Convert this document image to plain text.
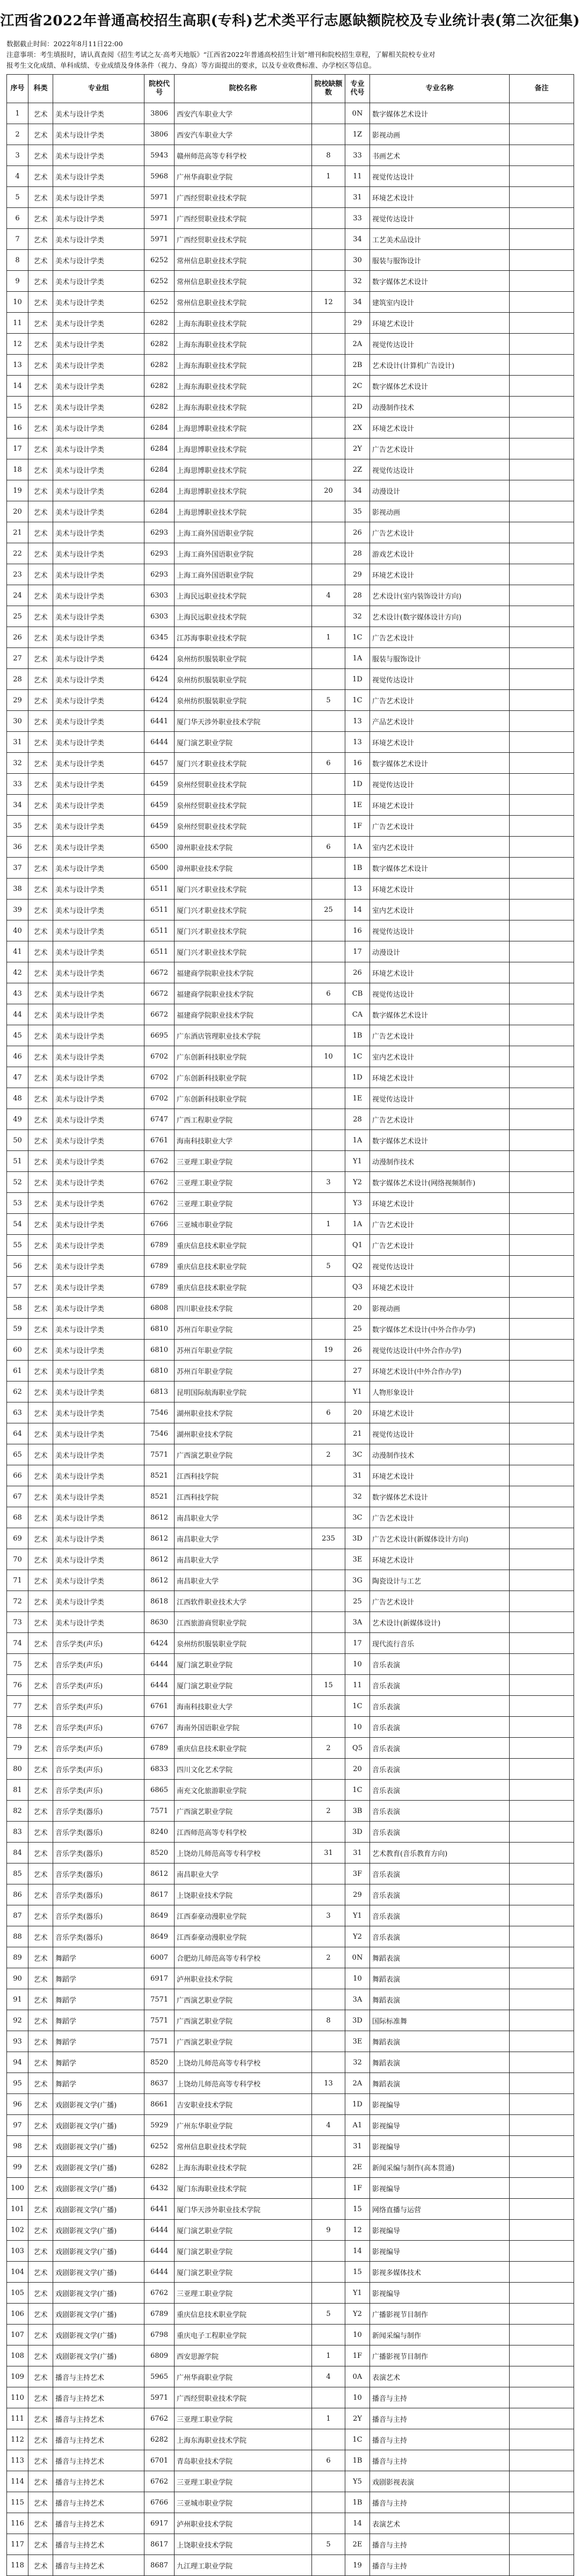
江西省2022年普通高校招生高职(专科)艺术类平行志愿缺额院校及专业统计表(第二次征集)
数据截止时间：2022年8月11日22:00
注意事项：考生填报时，请认真查阅《招生考试之友·高考天地版》“江西省2022年普通高校招生计划”增刊和院校招生章程，了解相关院校专业对
报考生文化成绩、单科成绩、专业成绩及身体条件（视力、身高）等方面提出的要求，以及专业收费标准、办学校区等信息。
序号	科类	专业组	院校代号	院校名称	院校缺额数	专业代号	专业名称	备注
1	艺术	美术与设计学类	3806	西安汽车职业大学		0N	数字媒体艺术设计	
2	艺术	美术与设计学类	3806	西安汽车职业大学		1Z	影视动画	
3	艺术	美术与设计学类	5943	赣州师范高等专科学校	8	33	书画艺术	
4	艺术	美术与设计学类	5968	广州华商职业学院	1	11	视觉传达设计	
5	艺术	美术与设计学类	5971	广西经贸职业技术学院		31	环境艺术设计	
6	艺术	美术与设计学类	5971	广西经贸职业技术学院		33	视觉传达设计	
7	艺术	美术与设计学类	5971	广西经贸职业技术学院		34	工艺美术品设计	
8	艺术	美术与设计学类	6252	常州信息职业技术学院		30	服装与服饰设计	
9	艺术	美术与设计学类	6252	常州信息职业技术学院		32	数字媒体艺术设计	
10	艺术	美术与设计学类	6252	常州信息职业技术学院	12	34	建筑室内设计	
11	艺术	美术与设计学类	6282	上海东海职业技术学院		29	环境艺术设计	
12	艺术	美术与设计学类	6282	上海东海职业技术学院		2A	视觉传达设计	
13	艺术	美术与设计学类	6282	上海东海职业技术学院		2B	艺术设计(计算机广告设计)	
14	艺术	美术与设计学类	6282	上海东海职业技术学院		2C	数字媒体艺术设计	
15	艺术	美术与设计学类	6282	上海东海职业技术学院		2D	动漫制作技术	
16	艺术	美术与设计学类	6284	上海思博职业技术学院		2X	环境艺术设计	
17	艺术	美术与设计学类	6284	上海思博职业技术学院		2Y	广告艺术设计	
18	艺术	美术与设计学类	6284	上海思博职业技术学院		2Z	视觉传达设计	
19	艺术	美术与设计学类	6284	上海思博职业技术学院	20	34	动漫设计	
20	艺术	美术与设计学类	6284	上海思博职业技术学院		35	影视动画	
21	艺术	美术与设计学类	6293	上海工商外国语职业学院		26	广告艺术设计	
22	艺术	美术与设计学类	6293	上海工商外国语职业学院		28	游戏艺术设计	
23	艺术	美术与设计学类	6293	上海工商外国语职业学院		29	环境艺术设计	
24	艺术	美术与设计学类	6303	上海民远职业技术学院	4	28	艺术设计(室内装饰设计方向)	
25	艺术	美术与设计学类	6303	上海民远职业技术学院		32	艺术设计(数字媒体设计方向)	
26	艺术	美术与设计学类	6345	江苏海事职业技术学院	1	1C	广告艺术设计	
27	艺术	美术与设计学类	6424	泉州纺织服装职业学院		1A	服装与服饰设计	
28	艺术	美术与设计学类	6424	泉州纺织服装职业学院		1D	视觉传达设计	
29	艺术	美术与设计学类	6424	泉州纺织服装职业学院	5	1C	广告艺术设计	
30	艺术	美术与设计学类	6441	厦门华天涉外职业技术学院		13	产品艺术设计	
31	艺术	美术与设计学类	6444	厦门演艺职业学院		13	环境艺术设计	
32	艺术	美术与设计学类	6457	厦门兴才职业技术学院	6	16	数字媒体艺术设计	
33	艺术	美术与设计学类	6459	泉州经贸职业技术学院		1D	视觉传达设计	
34	艺术	美术与设计学类	6459	泉州经贸职业技术学院		1E	环境艺术设计	
35	艺术	美术与设计学类	6459	泉州经贸职业技术学院		1F	广告艺术设计	
36	艺术	美术与设计学类	6500	漳州职业技术学院	6	1A	室内艺术设计	
37	艺术	美术与设计学类	6500	漳州职业技术学院		1B	数字媒体艺术设计	
38	艺术	美术与设计学类	6511	厦门兴才职业技术学院		13	环境艺术设计	
39	艺术	美术与设计学类	6511	厦门兴才职业技术学院	25	14	室内艺术设计	
40	艺术	美术与设计学类	6511	厦门兴才职业技术学院		16	视觉传达设计	
41	艺术	美术与设计学类	6511	厦门兴才职业技术学院		17	动漫设计	
42	艺术	美术与设计学类	6672	福建商学院职业技术学院		26	环境艺术设计	
43	艺术	美术与设计学类	6672	福建商学院职业技术学院	6	CB	视觉传达设计	
44	艺术	美术与设计学类	6672	福建商学院职业技术学院		CA	数字媒体艺术设计	
45	艺术	美术与设计学类	6695	广东酒店管理职业技术学院		1B	广告艺术设计	
46	艺术	美术与设计学类	6702	广东创新科技职业学院	10	1C	室内艺术设计	
47	艺术	美术与设计学类	6702	广东创新科技职业学院		1D	环境艺术设计	
48	艺术	美术与设计学类	6702	广东创新科技职业学院		1E	视觉传达设计	
49	艺术	美术与设计学类	6747	广西工程职业学院		28	广告艺术设计	
50	艺术	美术与设计学类	6761	海南科技职业大学		1A	数字媒体艺术设计	
51	艺术	美术与设计学类	6762	三亚理工职业学院		Y1	动漫制作技术	
52	艺术	美术与设计学类	6762	三亚理工职业学院	3	Y2	数字媒体艺术设计(网络视频制作)	
53	艺术	美术与设计学类	6762	三亚理工职业学院		Y3	环境艺术设计	
54	艺术	美术与设计学类	6766	三亚城市职业学院	1	1A	广告艺术设计	
55	艺术	美术与设计学类	6789	重庆信息技术职业学院		Q1	广告艺术设计	
56	艺术	美术与设计学类	6789	重庆信息技术职业学院	5	Q2	视觉传达设计	
57	艺术	美术与设计学类	6789	重庆信息技术职业学院		Q3	环境艺术设计	
58	艺术	美术与设计学类	6808	四川职业技术学院		20	影视动画	
59	艺术	美术与设计学类	6810	苏州百年职业学院		25	数字媒体艺术设计(中外合作办学)	
60	艺术	美术与设计学类	6810	苏州百年职业学院	19	26	视觉传达设计(中外合作办学)	
61	艺术	美术与设计学类	6810	苏州百年职业学院		27	环境艺术设计(中外合作办学)	
62	艺术	美术与设计学类	6813	昆明国际航海职业学院		Y1	人物形象设计	
63	艺术	美术与设计学类	7546	湖州职业技术学院	6	20	环境艺术设计	
64	艺术	美术与设计学类	7546	湖州职业技术学院		21	视觉传达设计	
65	艺术	美术与设计学类	7571	广西演艺职业学院	2	3C	动漫制作技术	
66	艺术	美术与设计学类	8521	江西科技学院		31	环境艺术设计	
67	艺术	美术与设计学类	8521	江西科技学院		32	数字媒体艺术设计	
68	艺术	美术与设计学类	8612	南昌职业大学		3C	广告艺术设计	
69	艺术	美术与设计学类	8612	南昌职业大学	235	3D	广告艺术设计(新媒体设计方向)	
70	艺术	美术与设计学类	8612	南昌职业大学		3E	环境艺术设计	
71	艺术	美术与设计学类	8612	南昌职业大学		3G	陶瓷设计与工艺	
72	艺术	美术与设计学类	8618	江西软件职业技术大学		25	广告艺术设计	
73	艺术	美术与设计学类	8630	江西旅游商贸职业学院		3A	艺术设计(新媒体设计)	
74	艺术	音乐学类(声乐)	6424	泉州纺织服装职业学院		17	现代流行音乐	
75	艺术	音乐学类(声乐)	6444	厦门演艺职业学院		10	音乐表演	
76	艺术	音乐学类(声乐)	6444	厦门演艺职业学院	15	11	音乐表演	
77	艺术	音乐学类(声乐)	6761	海南科技职业大学		1C	音乐表演	
78	艺术	音乐学类(声乐)	6767	海南外国语职业学院		10	音乐表演	
79	艺术	音乐学类(声乐)	6789	重庆信息技术职业学院	2	Q5	音乐表演	
80	艺术	音乐学类(声乐)	6833	四川文化艺术学院		20	音乐表演	
81	艺术	音乐学类(声乐)	6865	南充文化旅游职业学院		1C	音乐表演	
82	艺术	音乐学类(器乐)	7571	广西演艺职业学院	2	3B	音乐表演	
83	艺术	音乐学类(器乐)	8240	江西师范高等专科学校		3D	音乐表演	
84	艺术	音乐学类(器乐)	8520	上饶幼儿师范高等专科学校	31	31	艺术教育(音乐教育方向)	
85	艺术	音乐学类(器乐)	8612	南昌职业大学		3F	音乐表演	
86	艺术	音乐学类(器乐)	8617	上饶职业技术学院		29	音乐表演	
87	艺术	音乐学类(器乐)	8649	江西泰豪动漫职业学院	3	Y1	音乐表演	
88	艺术	音乐学类(器乐)	8649	江西泰豪动漫职业学院		Y2	音乐表演	
89	艺术	舞蹈学	6007	合肥幼儿师范高等专科学校	2	0N	舞蹈表演	
90	艺术	舞蹈学	6917	泸州职业技术学院		10	舞蹈表演	
91	艺术	舞蹈学	7571	广西演艺职业学院		3A	舞蹈表演	
92	艺术	舞蹈学	7571	广西演艺职业学院	8	3D	国际标准舞	
93	艺术	舞蹈学	7571	广西演艺职业学院		3E	舞蹈表演	
94	艺术	舞蹈学	8520	上饶幼儿师范高等专科学校		32	舞蹈表演	
95	艺术	舞蹈学	8637	上饶幼儿师范高等专科学校	13	2A	舞蹈表演	
96	艺术	戏剧影视文学(广播)	8661	吉安职业技术学院		1D	影视编导	
97	艺术	戏剧影视文学(广播)	5929	广州东华职业学院	4	A1	影视编导	
98	艺术	戏剧影视文学(广播)	6252	常州信息职业技术学院		31	影视编导	
99	艺术	戏剧影视文学(广播)	6282	上海东海职业技术学院		2E	新闻采编与制作(高本贯通)	
100	艺术	戏剧影视文学(广播)	6432	厦门东海职业技术学院		1F	影视编导	
101	艺术	戏剧影视文学(广播)	6441	厦门华天涉外职业技术学院		15	网络直播与运营	
102	艺术	戏剧影视文学(广播)	6444	厦门演艺职业学院	9	12	影视编导	
103	艺术	戏剧影视文学(广播)	6444	厦门演艺职业学院		14	影视编导	
104	艺术	戏剧影视文学(广播)	6444	厦门演艺职业学院		15	影视多媒体技术	
105	艺术	戏剧影视文学(广播)	6762	三亚理工职业学院		Y1	影视编导	
106	艺术	戏剧影视文学(广播)	6789	重庆信息技术职业学院	5	Y2	广播影视节目制作	
107	艺术	戏剧影视文学(广播)	6798	重庆电子工程职业学院		10	新闻采编与制作	
108	艺术	戏剧影视文学(广播)	6809	西安思源学院	1	1F	广播影视节目制作	
109	艺术	播音与主持艺术	5965	广州华商职业学院	4	0A	表演艺术	
110	艺术	播音与主持艺术	5971	广西经贸职业技术学院		10	播音与主持	
111	艺术	播音与主持艺术	6762	三亚理工职业学院	1	2Y	播音与主持	
112	艺术	播音与主持艺术	6282	上海东海职业技术学院		1C	播音与主持	
113	艺术	播音与主持艺术	6701	青岛职业技术学院	6	1B	播音与主持	
114	艺术	播音与主持艺术	6762	三亚理工职业学院		Y5	戏剧影视表演	
115	艺术	播音与主持艺术	6766	三亚城市职业学院		1B	播音与主持	
116	艺术	播音与主持艺术	6917	泸州职业技术学院		14	表演艺术	
117	艺术	播音与主持艺术	8617	上饶职业技术学院	5	2E	播音与主持	
118	艺术	播音与主持艺术	8687	九江理工职业学院		19	播音与主持	
